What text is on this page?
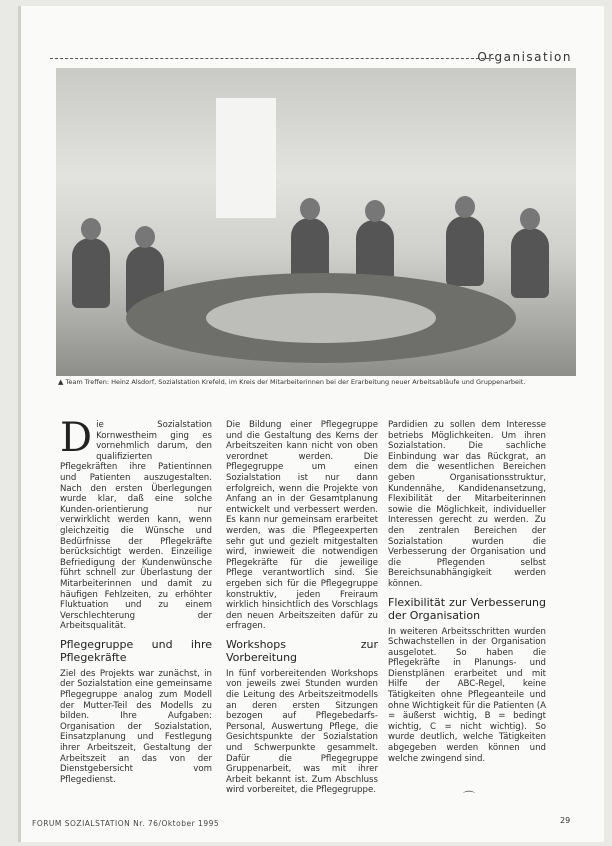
Organisation
▲ Team Treffen: Heinz Alsdorf, Sozialstation Krefeld, im Kreis der Mitarbeiterinnen bei der Erarbeitung neuer Arbeitsabläufe und Gruppenarbeit.

D ie Sozialstation Kornwestheim ging es vornehmlich darum, den qualifizierten Pflegekräften ihre Patientinnen und Patienten auszugestalten. Nach den ersten Überlegungen wurde klar, daß eine solche Kunden-orientierung nur verwirklicht werden kann, wenn gleichzeitig die Wünsche und Bedürfnisse der Pflegekräfte berücksichtigt werden. Einzeilige Befriedigung der Kundenwünsche führt schnell zur Überlastung der Mitarbeiterinnen und damit zu häufigen Fehlzeiten, zu erhöhter Fluktuation und zu einem Verschlechterung der Arbeitsqualität.

Pflegegruppe und ihre Pflegekräfte

Ziel des Projekts war zunächst, in der Sozialstation eine gemeinsame Pflegegruppe analog zum Modell der Mutter-Teil des Modells zu bilden. Ihre Aufgaben: Organisation der Sozialstation, Einsatzplanung und Festlegung ihrer Arbeitszeit, Gestaltung der Arbeitszeit an das von der Dienstgebersicht vom Pflegedienst.

Die Bildung einer Pflegegruppe und die Gestaltung des Kerns der Arbeitszeiten kann nicht von oben verordnet werden. Die Pflegegruppe um einen Sozialstation ist nur dann erfolgreich, wenn die Projekte von Anfang an in der Gesamtplanung entwickelt und verbessert werden. Es kann nur gemeinsam erarbeitet werden, was die Pflegeexperten sehr gut und gezielt mitgestalten wird, inwieweit die notwendigen Pflegekräfte für die jeweilige Pflege verantwortlich sind. Sie ergeben sich für die Pflegegruppe konstruktiv, jeden Freiraum wirklich hinsichtlich des Vorschlags den neuen Arbeitszeiten dafür zu erfragen.

Workshops zur Vorbereitung

In fünf vorbereitenden Workshops von jeweils zwei Stunden wurden die Leitung des Arbeitszeitmodells an deren ersten Sitzungen bezogen auf Pflegebedarfs-Personal, Auswertung Pflege, die Gesichtspunkte der Sozialstation und Schwerpunkte gesammelt. Dafür die Pflegegruppe Gruppenarbeit, was mit ihrer Arbeit bekannt ist. Zum Abschluss wird vorbereitet, die Pflegegruppe.

Pardidien zu sollen dem Interesse betriebs Möglichkeiten. Um ihren Sozialstation. Die sachliche Einbindung war das Rückgrat, an dem die wesentlichen Bereichen geben Organisationsstruktur, Kundennähe, Kandidenansetzung, Flexibilität der Mitarbeiterinnen sowie die Möglichkeit, individueller Interessen gerecht zu werden. Zu den zentralen Bereichen der Sozialstation wurden die Verbesserung der Organisation und die Pflegenden selbst Bereichsunabhängigkeit werden können.

Flexibilität zur Verbesserung der Organisation

In weiteren Arbeitsschritten wurden Schwachstellen in der Organisation ausgelotet. So haben die Pflegekräfte in Planungs- und Dienstplänen erarbeitet und mit Hilfe der ABC-Regel, keine Tätigkeiten ohne Pflegeanteile und ohne Wichtigkeit für die Patienten (A = äußerst wichtig, B = bedingt wichtig, C = nicht wichtig). So wurde deutlich, welche Tätigkeiten abgegeben werden können und welche zwingend sind.

⌒
FORUM SOZIALSTATION Nr. 76/Oktober 1995	29
